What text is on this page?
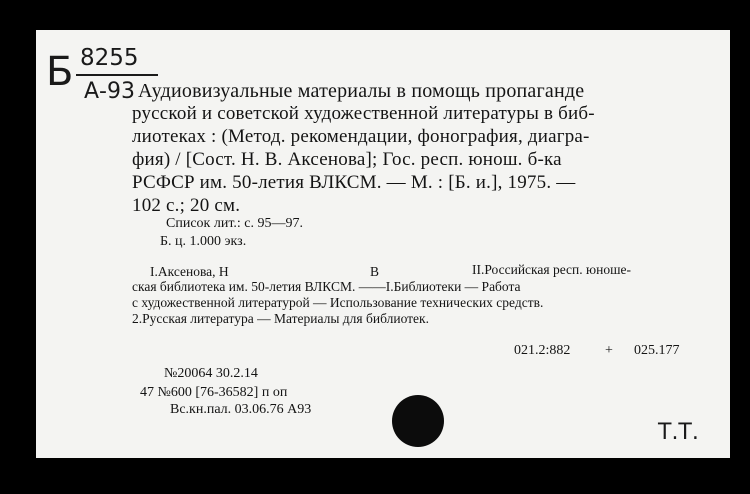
Б 8255
А-93 Аудиовизуальные материалы в помощь пропаганде
русской и советской художественной литературы в биб-
лиотеках : (Метод. рекомендации, фонография, диагра-
фия) / [Сост. Н. В. Аксенова]; Гос. респ. юнош. б-ка
РСФСР им. 50-летия ВЛКСМ. — М. : [Б. и.], 1975. —
102 с.; 20 см.
Список лит.: с. 95—97.
Б. ц. 1.000 экз.
I.Аксенова, Н	В	II.Российская респ. юноше-
ская библиотека им. 50-летия ВЛКСМ. ——I.Библиотеки — Работа
с художественной литературой — Использование технических средств.
2.Русская литература — Материалы для библиотек.
021.2:882 + 025.177
№20064 30.2.14
47 №600 [76-36582] п оп
Вс.кн.пал. 03.06.76 А93
Т.Т.
